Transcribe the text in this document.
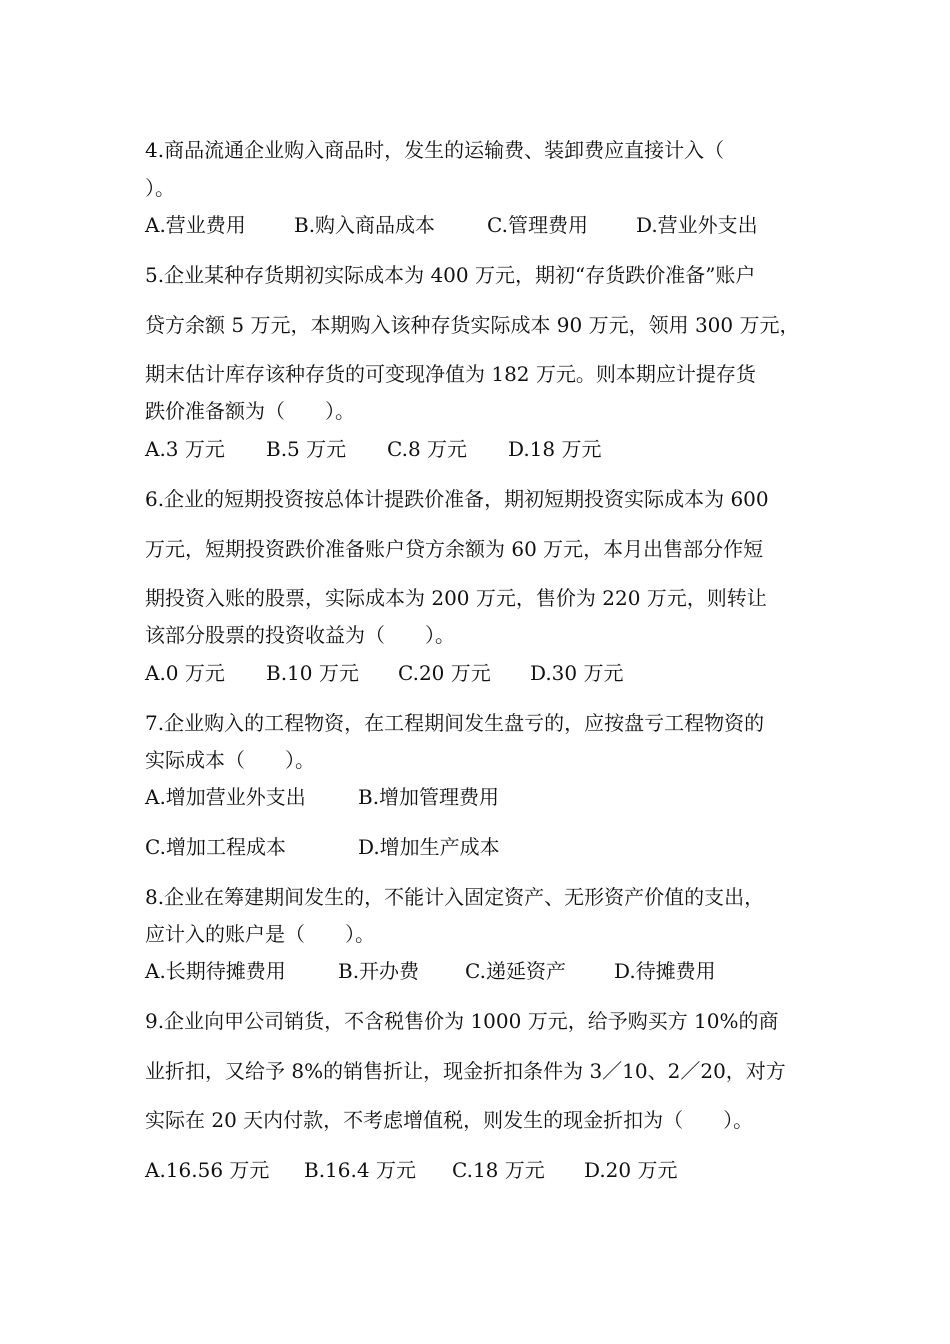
4.商品流通企业购入商品时，发生的运输费、装卸费应直接计入（
）。
A.营业费用 B.购入商品成本	C.管理费用 D.营业外支出
5.企业某种存货期初实际成本为 400 万元，期初“存货跌价准备”账户
贷方余额 5 万元，本期购入该种存货实际成本 90 万元，领用 300 万元，
期末估计库存该种存货的可变现净值为 182 万元。则本期应计提存货
跌价准备额为（　　）。
A.3 万元 B.5 万元 C.8 万元 D.18 万元
6.企业的短期投资按总体计提跌价准备，期初短期投资实际成本为 600
万元，短期投资跌价准备账户贷方余额为 60 万元，本月出售部分作短
期投资入账的股票，实际成本为 200 万元，售价为 220 万元，则转让
该部分股票的投资收益为（　　）。
A.0 万元 B.10 万元 C.20 万元 D.30 万元
7.企业购入的工程物资，在工程期间发生盘亏的，应按盘亏工程物资的
实际成本（　　）。
A.增加营业外支出	B.增加管理费用
C.增加工程成本	D.增加生产成本
8.企业在筹建期间发生的，不能计入固定资产、无形资产价值的支出，
应计入的账户是（　　）。
A.长期待摊费用	B.开办费 C.递延资产 D.待摊费用
9.企业向甲公司销货，不含税售价为 1000 万元，给予购买方 10%的商
业折扣，又给予 8%的销售折让，现金折扣条件为 3／10、2／20，对方
实际在 20 天内付款，不考虑增值税，则发生的现金折扣为（　　）。
A.16.56 万元 B.16.4 万元 C.18 万元 D.20 万元
